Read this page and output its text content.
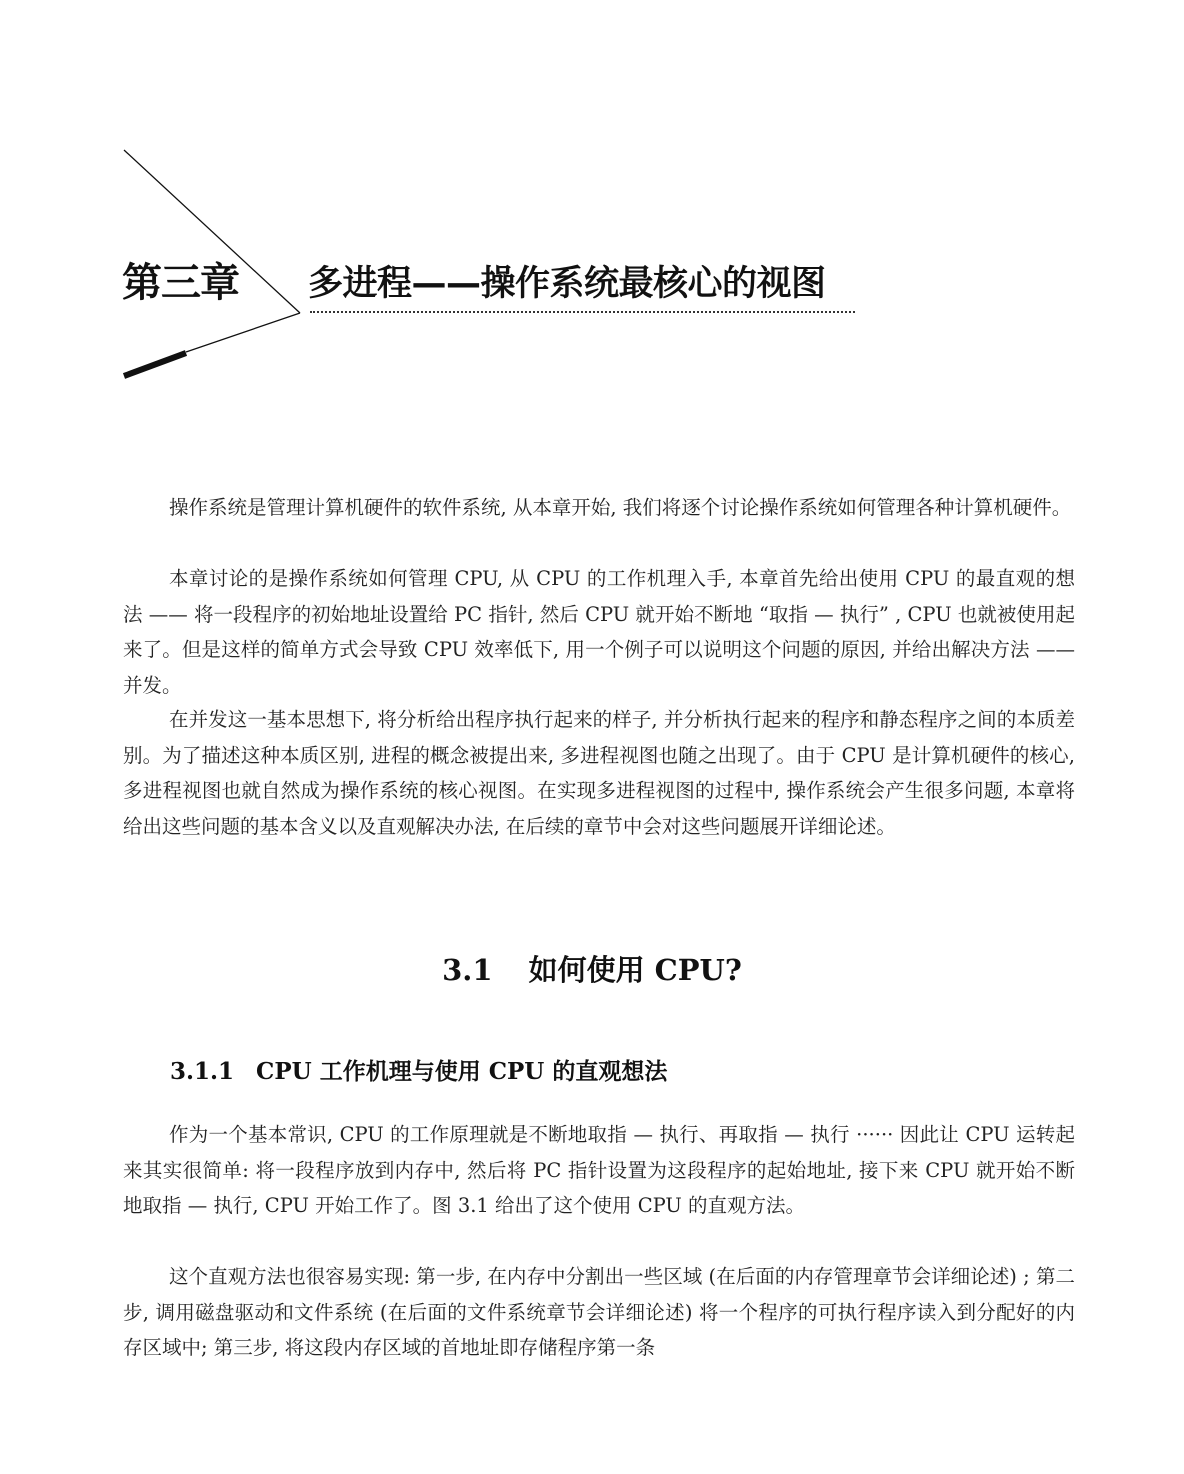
第三章 多进程——操作系统最核心的视图

操作系统是管理计算机硬件的软件系统, 从本章开始, 我们将逐个讨论操作系统如何管理各种计算机硬件。

本章讨论的是操作系统如何管理 CPU, 从 CPU 的工作机理入手, 本章首先给出使用 CPU 的最直观的想法 —— 将一段程序的初始地址设置给 PC 指针, 然后 CPU 就开始不断地 “取指 — 执行” , CPU 也就被使用起来了。但是这样的简单方式会导致 CPU 效率低下, 用一个例子可以说明这个问题的原因, 并给出解决方法 —— 并发。

在并发这一基本思想下, 将分析给出程序执行起来的样子, 并分析执行起来的程序和静态程序之间的本质差别。为了描述这种本质区别, 进程的概念被提出来, 多进程视图也随之出现了。由于 CPU 是计算机硬件的核心, 多进程视图也就自然成为操作系统的核心视图。在实现多进程视图的过程中, 操作系统会产生很多问题, 本章将给出这些问题的基本含义以及直观解决办法, 在后续的章节中会对这些问题展开详细论述。

3.1 如何使用 CPU?
3.1.1 CPU 工作机理与使用 CPU 的直观想法

作为一个基本常识, CPU 的工作原理就是不断地取指 — 执行、再取指 — 执行 ······ 因此让 CPU 运转起来其实很简单: 将一段程序放到内存中, 然后将 PC 指针设置为这段程序的起始地址, 接下来 CPU 就开始不断地取指 — 执行, CPU 开始工作了。图 3.1 给出了这个使用 CPU 的直观方法。

这个直观方法也很容易实现: 第一步, 在内存中分割出一些区域 (在后面的内存管理章节会详细论述) ; 第二步, 调用磁盘驱动和文件系统 (在后面的文件系统章节会详细论述) 将一个程序的可执行程序读入到分配好的内存区域中; 第三步, 将这段内存区域的首地址即存储程序第一条
